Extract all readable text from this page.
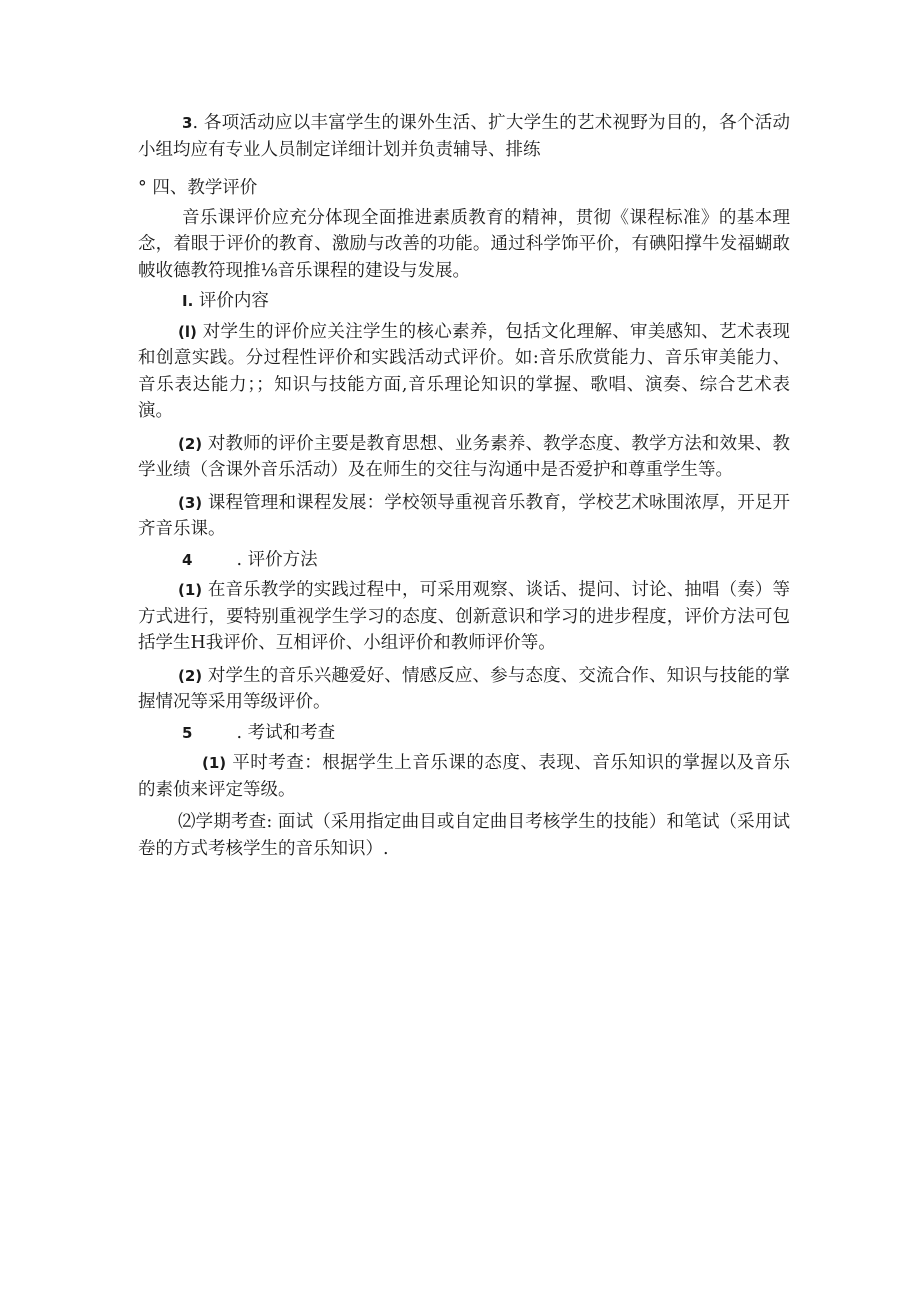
3. 各项活动应以丰富学生的课外生活、扩大学生的艺术视野为目的，各个活动小组均应有专业人员制定详细计划并负责辅导、排练

° 四、教学评价

音乐课评价应充分体现全面推进素质教育的精神，贯彻《课程标准》的基本理念，着眼于评价的教育、激励与改善的功能。通过科学饰平价，有碘阳撑牛发福蝴敢帔收德教符现推⅛音乐课程的建设与发展。

I. 评价内容

(l) 对学生的评价应关注学生的核心素养，包括文化理解、审美感知、艺术表现和创意实践。分过程性评价和实践活动式评价。如:音乐欣赏能力、音乐审美能力、音乐表达能力；；知识与技能方面,音乐理论知识的掌握、歌唱、演奏、综合艺术表演。

(2) 对教师的评价主要是教育思想、业务素养、教学态度、教学方法和效果、教学业绩（含课外音乐活动）及在师生的交往与沟通中是否爱护和尊重学生等。

(3) 课程管理和课程发展：学校领导重视音乐教育，学校艺术咏围浓厚，开足开齐音乐课。

4	. 评价方法

(1) 在音乐教学的实践过程中，可采用观察、谈话、提问、讨论、抽唱（奏）等方式进行，要特别重视学生学习的态度、创新意识和学习的进步程度，评价方法可包括学生H我评价、互相评价、小组评价和教师评价等。

(2) 对学生的音乐兴趣爱好、情感反应、参与态度、交流合作、知识与技能的掌握情况等采用等级评价。

5	. 考试和考查

(1) 平时考查：根据学生上音乐课的态度、表现、音乐知识的掌握以及音乐的素侦来评定等级。

⑵学期考查: 面试（采用指定曲目或自定曲目考核学生的技能）和笔试（采用试卷的方式考核学生的音乐知识）.
